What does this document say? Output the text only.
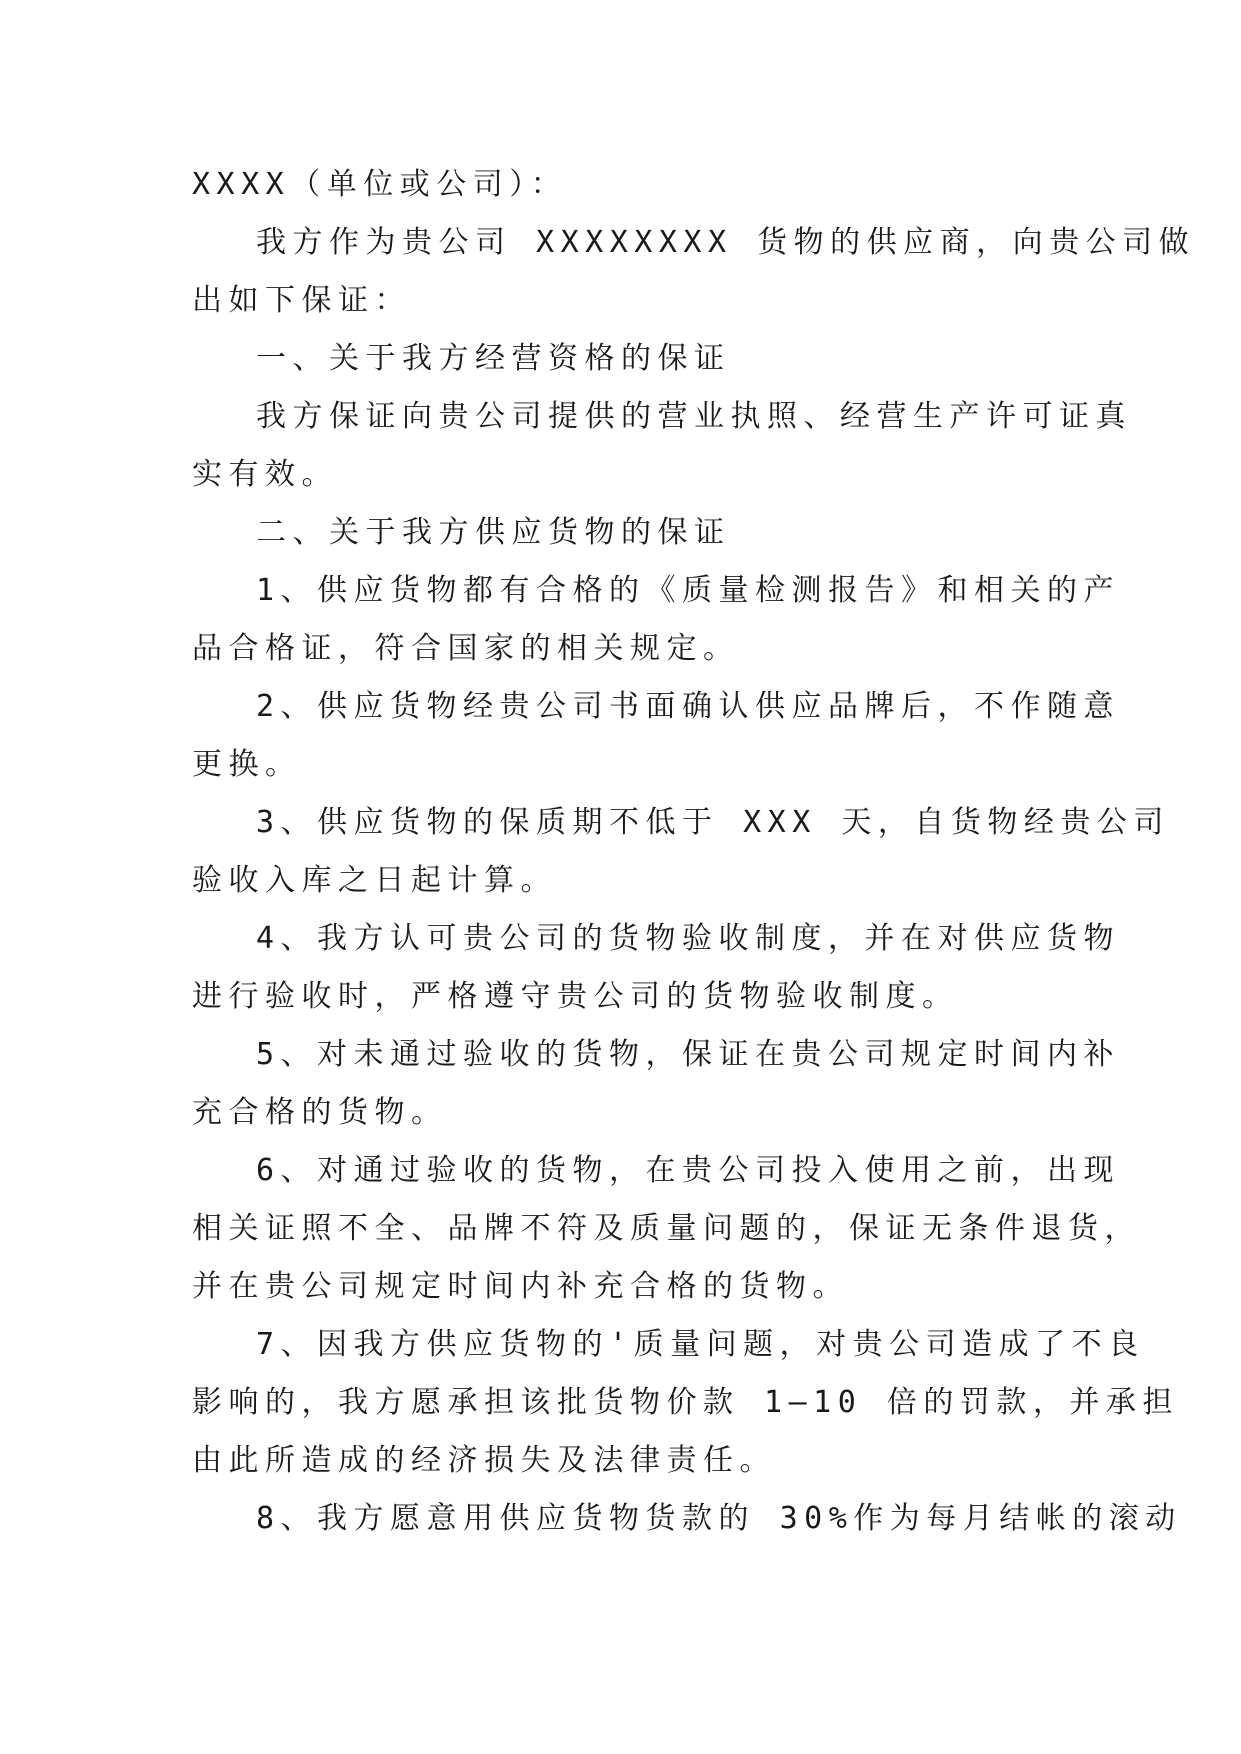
XXXX（单位或公司）：

我方作为贵公司 XXXXXXXX 货物的供应商，向贵公司做

出如下保证：

一、关于我方经营资格的保证

我方保证向贵公司提供的营业执照、经营生产许可证真

实有效。

二、关于我方供应货物的保证

1、供应货物都有合格的《质量检测报告》和相关的产

品合格证，符合国家的相关规定。

2、供应货物经贵公司书面确认供应品牌后，不作随意

更换。

3、供应货物的保质期不低于 XXX 天，自货物经贵公司

验收入库之日起计算。

4、我方认可贵公司的货物验收制度，并在对供应货物

进行验收时，严格遵守贵公司的货物验收制度。

5、对未通过验收的货物，保证在贵公司规定时间内补

充合格的货物。

6、对通过验收的货物，在贵公司投入使用之前，出现

相关证照不全、品牌不符及质量问题的，保证无条件退货，

并在贵公司规定时间内补充合格的货物。

7、因我方供应货物的'质量问题，对贵公司造成了不良

影响的，我方愿承担该批货物价款 1—10 倍的罚款，并承担

由此所造成的经济损失及法律责任。

8、我方愿意用供应货物货款的 30%作为每月结帐的滚动
